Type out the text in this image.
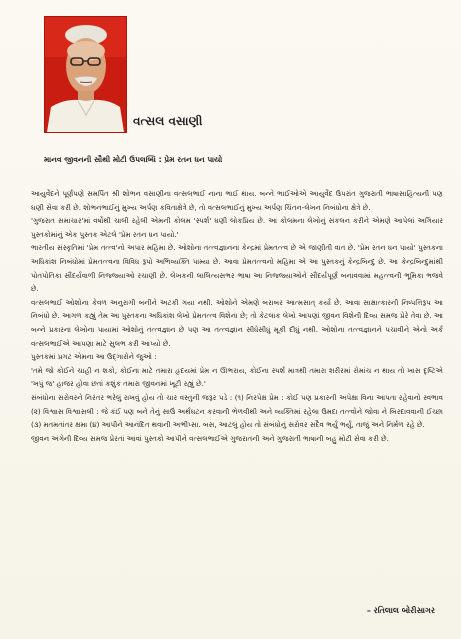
વત્સલ વસાણી
માનવ જીવનની સૌથી મોટી ઉપલબ્ધિ : પ્રેમ રતન ધન પાયો

આયુર્વેદને પૂર્ણપણે સમર્પિત શ્રી શોભન વસાણીના વત્સલભાઈ નાના ભાઈ થાય. બન્ને ભાઈઓએ આયુર્વેદ ઉપરાંત ગુજરાતી ભાષાસાહિત્યની પણ ઘણી સેવા કરી છે. શોભનભાઈનું મુખ્ય અર્પણ કવિતાક્ષેત્રે છે, તો વત્સલભાઈનું મુખ્ય અર્પણ ચિંતન-લેખન નિબંધોના ક્ષેત્રે છે.

'ગુજરાત સમાચાર'માં વર્ષોથી ચાલી રહેલી એમની કોલમ 'સ્પર્શ' ઘણી લોકપ્રિય છે. આ કોલમના લેખોનું સંકલન કરીને એમણે આપેલાં અગિયાર પુસ્તકોમાંનું એક પુસ્તક એટલે 'પ્રેમ રતન ધન પાયો.'

ભારતીય સંસ્કૃતિમાં 'પ્રેમ તત્ત્વ'નો અપાર મહિમા છે. ઓશોના તત્ત્વજ્ઞાનના કેન્દ્રમાં પ્રેમતત્ત્વ છે એ જાણીતી વાત છે. 'પ્રેમ રતન ધન પાયો' પુસ્તકના અધિકાંશ નિબંધોમાં પ્રેમતત્ત્વના વિવિધ રૂપો અભિવ્યક્તિ પામ્યા છે. આવા પ્રેમતત્ત્વનો મહિમા એ આ પુસ્તકનું કેન્દ્રબિન્દુ છે. આ કેન્દ્રબિન્દુમાંથી પોતપોતિકા સૌંદર્યવાળી નિજ્જ્યાઓ રચાણી છે. લેખકની લાલિત્યસભર ભાષા આ નિજ્જ્યાઓને સૌંદર્યપૂર્ણ બનાવવામાં મહત્ત્વની ભૂમિકા ભજવે છે.

વત્સલભાઈ ઓશોના કેવળ અનુરાગી બનીને અટકી ગયા નથી. ઓશોને એમણે બરાબર આત્મસાત્ કર્યા છે. આવા સાક્ષાત્કારની નિષ્પત્તિરૂપ આ નિબંધો છે. આગળ કહ્યું તેમ આ પુસ્તકના અધિકાંશ લેખો પ્રેમતત્ત્વ વિશેના છે; તો કેટલાક લેખો આપણાં જીવન વિશેની દિવ્ય સમજ પ્રેરે તેવા છે. આ બન્ને પ્રકારના લેખોના પાયામાં ઓશોનું તત્ત્વજ્ઞાન છે પણ આ તત્ત્વજ્ઞાન સીધેસીધું મૂકી દીધું નથી. ઓશોના તત્ત્વજ્ઞાનને પચાવીને એનો અર્ક વત્સલભાઈએ આપણા માટે સુલભ કરી આપ્યો છે.

પુસ્તકમાં પ્રગટ એમના આ ઉદ્ગારોને જુઓ :

'તમે જો કોઈને ચાહી ન શકો, કોઈના માટે તમારા હૃદયમાં પ્રેમ ન ઊભરાય, કોઈના સ્પર્શ માત્રથી તમારા શરીરમાં રોમાંચ ન થાય તો ખાસ દૃષ્ટિએ 'ખપું જ' હાજર હોવા છતાં કશુંક તમારા જીવનમાં ખૂટી રહ્યું છે.'

સંબંધોના સરોવરને નિરંતર ભરેલું રાખવું હોય તો ચાર વસ્તુની જરૂર પડે : (૧) નિરપેક્ષ પ્રેમ : કોઈ પણ પ્રકારની અપેક્ષા વિના આપતા રહેવાનો સ્વભાવ (૨) વિશ્વાસ વિશ્વાસલી : જે કંઈ પણ બને તેનું સાઉં અર્થઘટન કરવાની ભેળવીથી અને વ્યક્તિમાં રહેલા ઉમદા તત્ત્વોને જોવા ને બિરદાવવાની ઈચ્છા (૩) મતમતાંતર ક્ષમા (૪) આપીને આનંદિત થવાની અભીપ્સા. બસ, આટલું હોય તો સંબંધોનું સરોવર સદૈવ ભર્યું ભર્યું, તાજું અને નિર્મળ રહે છે.

જીવન અંગેની દિવ્ય સમજ પ્રેરતાં આવાં પુસ્તકો આપીને વત્સલભાઈએ ગુજરાતની અને ગુજરાતી ભાષાની બહુ મોટી સેવા કરી છે.

– રતિલાલ બોરીસાગર
